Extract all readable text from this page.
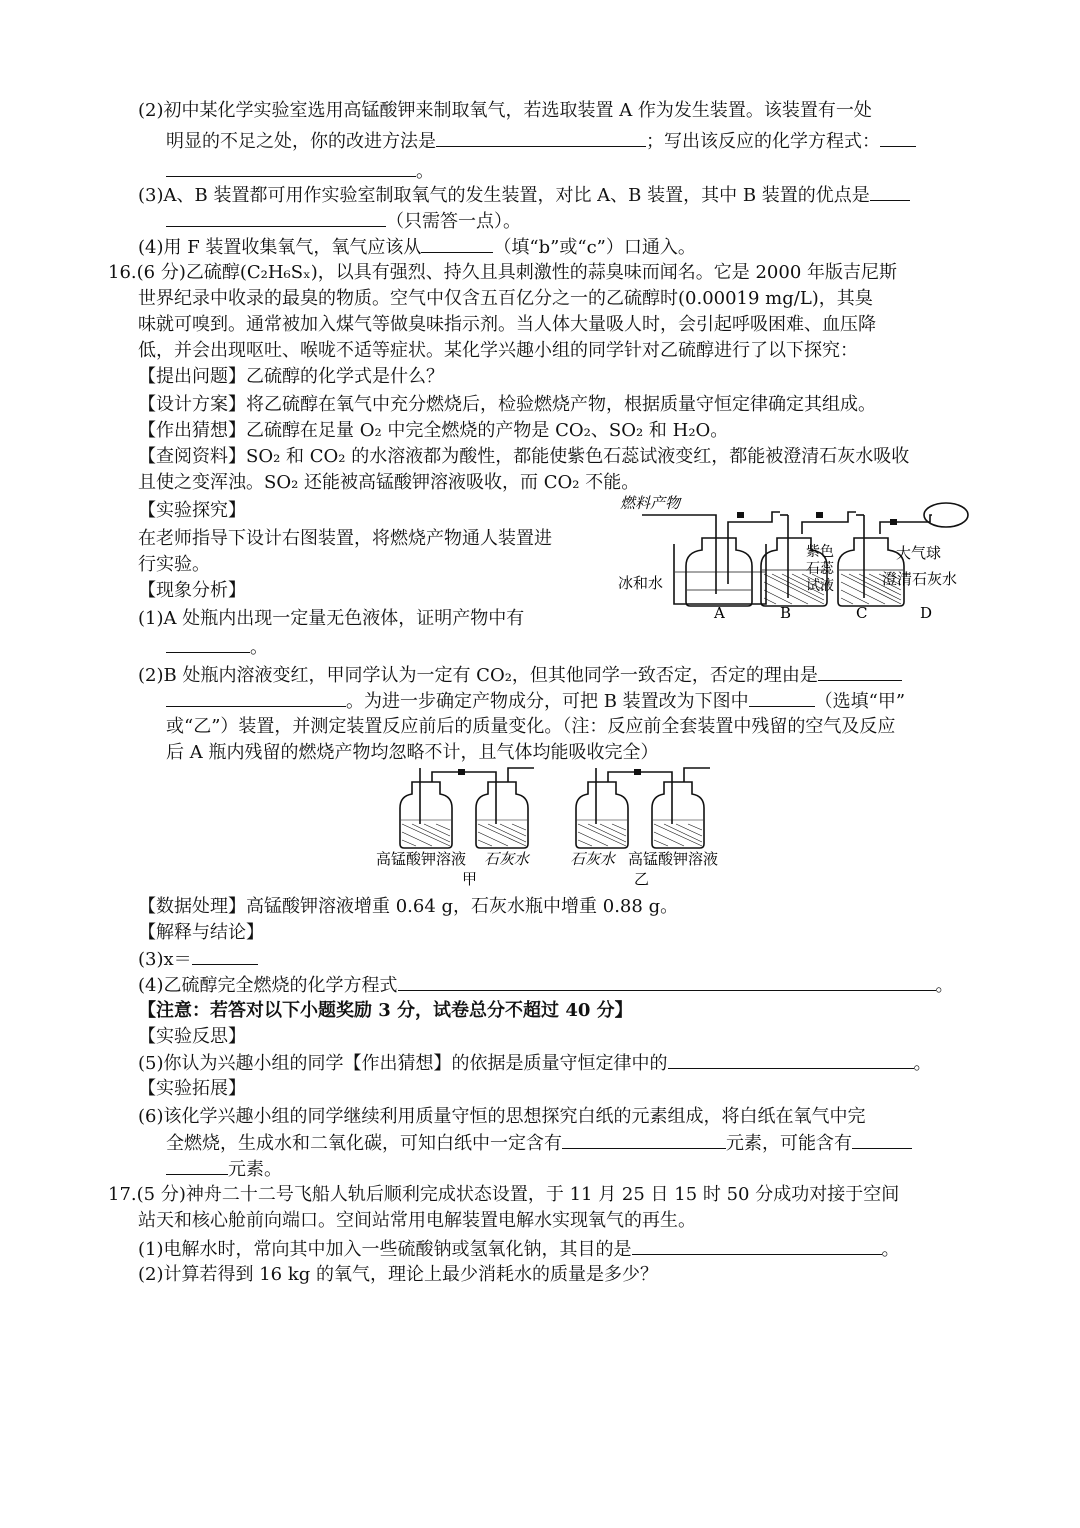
(2)初中某化学实验室选用高锰酸钾来制取氧气，若选取装置 A 作为发生装置。该装置有一处
明显的不足之处，你的改进方法是	；写出该反应的化学方程式：
。
(3)A、B 装置都可用作实验室制取氧气的发生装置，对比 A、B 装置，其中 B 装置的优点是
（只需答一点）。
(4)用 F 装置收集氧气，氧气应该从	（填“b”或“c”）口通入。
16.(6 分)乙硫醇(C₂H₆Sₓ)，以具有强烈、持久且具刺激性的蒜臭味而闻名。它是 2000 年版吉尼斯
世界纪录中收录的最臭的物质。空气中仅含五百亿分之一的乙硫醇时(0.00019 mg/L)，其臭
味就可嗅到。通常被加入煤气等做臭味指示剂。当人体大量吸人时，会引起呼吸困难、血压降
低，并会出现呕吐、喉咙不适等症状。某化学兴趣小组的同学针对乙硫醇进行了以下探究：
【提出问题】乙硫醇的化学式是什么？
【设计方案】将乙硫醇在氧气中充分燃烧后，检验燃烧产物，根据质量守恒定律确定其组成。
【作出猜想】乙硫醇在足量 O₂ 中完全燃烧的产物是 CO₂、SO₂ 和 H₂O。
【查阅资料】SO₂ 和 CO₂ 的水溶液都为酸性，都能使紫色石蕊试液变红，都能被澄清石灰水吸收
且使之变浑浊。SO₂ 还能被高锰酸钾溶液吸收，而 CO₂ 不能。
【实验探究】
在老师指导下设计右图装置，将燃烧产物通人装置进
行实验。
【现象分析】
(1)A 处瓶内出现一定量无色液体，证明产物中有
。
燃料产物
冰和水
A	B	C	D
紫色
石蕊
试液
大气球
澄清石灰水
(2)B 处瓶内溶液变红，甲同学认为一定有 CO₂，但其他同学一致否定，否定的理由是
。为进一步确定产物成分，可把 B 装置改为下图中	（选填“甲”
或“乙”）装置，并测定装置反应前后的质量变化。（注：反应前全套装置中残留的空气及反应
后 A 瓶内残留的燃烧产物均忽略不计，且气体均能吸收完全）
高锰酸钾溶液 石灰水
甲
石灰水 高锰酸钾溶液
乙
【数据处理】高锰酸钾溶液增重 0.64 g，石灰水瓶中增重 0.88 g。
【解释与结论】
(3)x＝
(4)乙硫醇完全燃烧的化学方程式	。
【注意：若答对以下小题奖励 3 分，试卷总分不超过 40 分】
【实验反思】
(5)你认为兴趣小组的同学【作出猜想】的依据是质量守恒定律中的	。
【实验拓展】
(6)该化学兴趣小组的同学继续利用质量守恒的思想探究白纸的元素组成，将白纸在氧气中完
全燃烧，生成水和二氧化碳，可知白纸中一定含有	元素，可能含有
元素。
17.(5 分)神舟二十二号飞船人轨后顺利完成状态设置，于 11 月 25 日 15 时 50 分成功对接于空间
站天和核心舱前向端口。空间站常用电解装置电解水实现氧气的再生。
(1)电解水时，常向其中加入一些硫酸钠或氢氧化钠，其目的是	。
(2)计算若得到 16 kg 的氧气，理论上最少消耗水的质量是多少？
